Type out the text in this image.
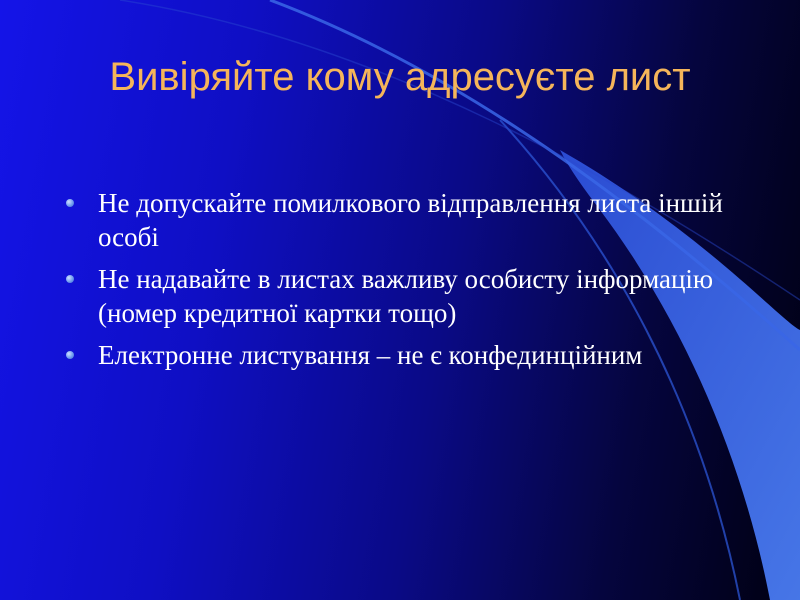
Вивіряйте кому адресуєте лист
Не допускайте помилкового відправлення листа іншій особі
Не надавайте в листах важливу особисту інформацію (номер кредитної картки тощо)
Електронне листування – не є конфединційним
